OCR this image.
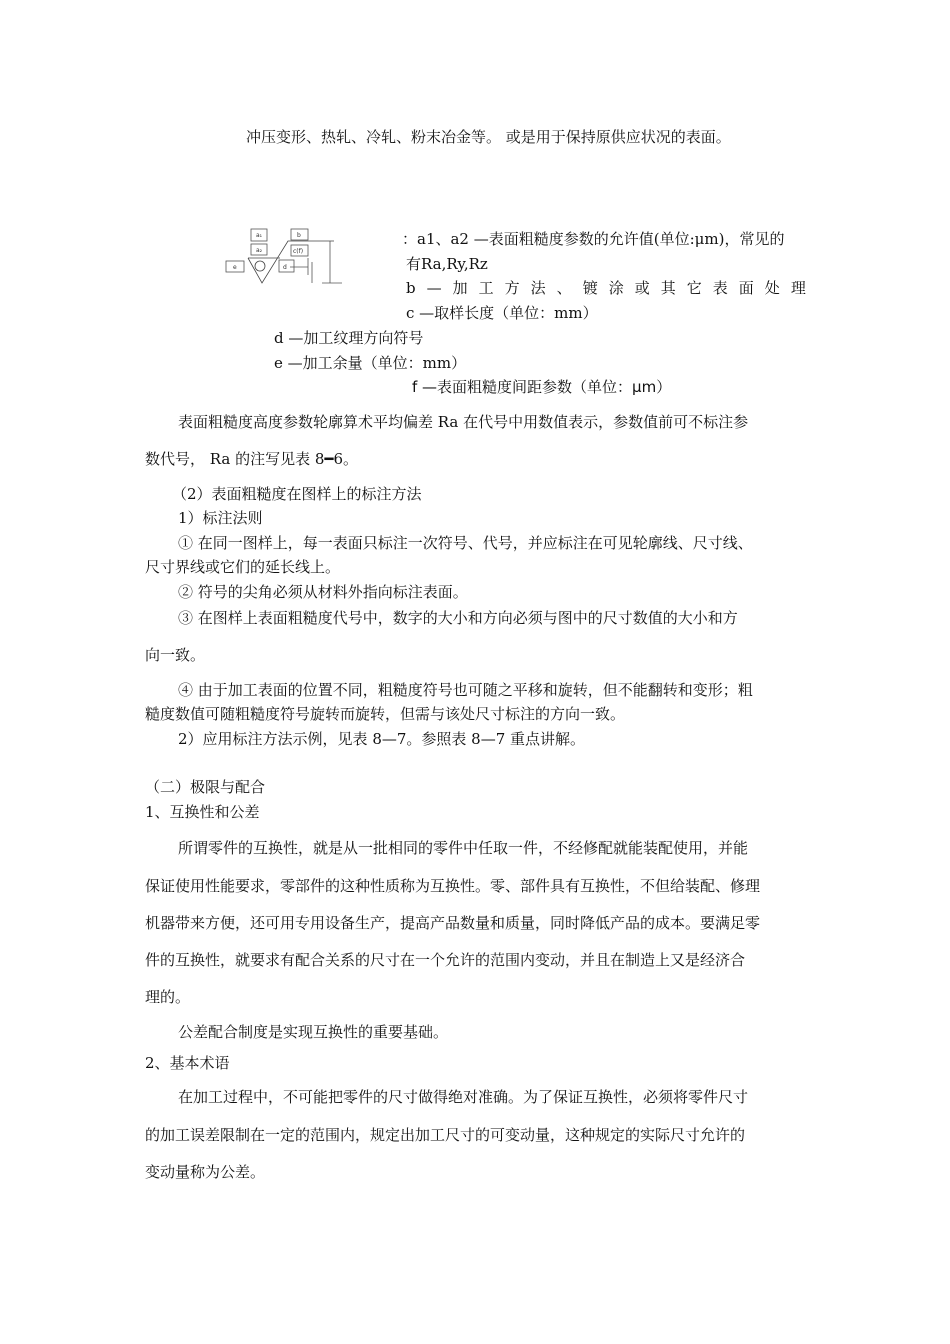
冲压变形、热轧、冷轧、粉末冶金等。 或是用于保持原供应状况的表面。
a₁
a₂
b
c(f)
e	d
：a1、a2 —表面粗糙度参数的允许值(单位:μm)，常见的
有Ra,Ry,Rz
b — 加 工 方 法 、 镀 涂 或 其 它 表 面 处 理
c —取样长度（单位：mm）
d —加工纹理方向符号
e —加工余量（单位：mm）
f —表面粗糙度间距参数（单位：μm）
表面粗糙度高度参数轮廓算术平均偏差 Ra 在代号中用数值表示，参数值前可不标注参
数代号， Ra 的注写见表 8━6。
（2）表面粗糙度在图样上的标注方法
1）标注法则
① 在同一图样上，每一表面只标注一次符号、代号，并应标注在可见轮廓线、尺寸线、
尺寸界线或它们的延长线上。
② 符号的尖角必须从材料外指向标注表面。
③ 在图样上表面粗糙度代号中，数字的大小和方向必须与图中的尺寸数值的大小和方
向一致。
④ 由于加工表面的位置不同，粗糙度符号也可随之平移和旋转，但不能翻转和变形；粗
糙度数值可随粗糙度符号旋转而旋转，但需与该处尺寸标注的方向一致。
2）应用标注方法示例，见表 8—7。参照表 8—7 重点讲解。
（二）极限与配合
1、互换性和公差
所谓零件的互换性，就是从一批相同的零件中任取一件，不经修配就能装配使用，并能
保证使用性能要求，零部件的这种性质称为互换性。零、部件具有互换性，不但给装配、修理
机器带来方便，还可用专用设备生产，提高产品数量和质量，同时降低产品的成本。要满足零
件的互换性，就要求有配合关系的尺寸在一个允许的范围内变动，并且在制造上又是经济合
理的。
公差配合制度是实现互换性的重要基础。
2、基本术语
在加工过程中，不可能把零件的尺寸做得绝对准确。为了保证互换性，必须将零件尺寸
的加工误差限制在一定的范围内，规定出加工尺寸的可变动量，这种规定的实际尺寸允许的
变动量称为公差。
